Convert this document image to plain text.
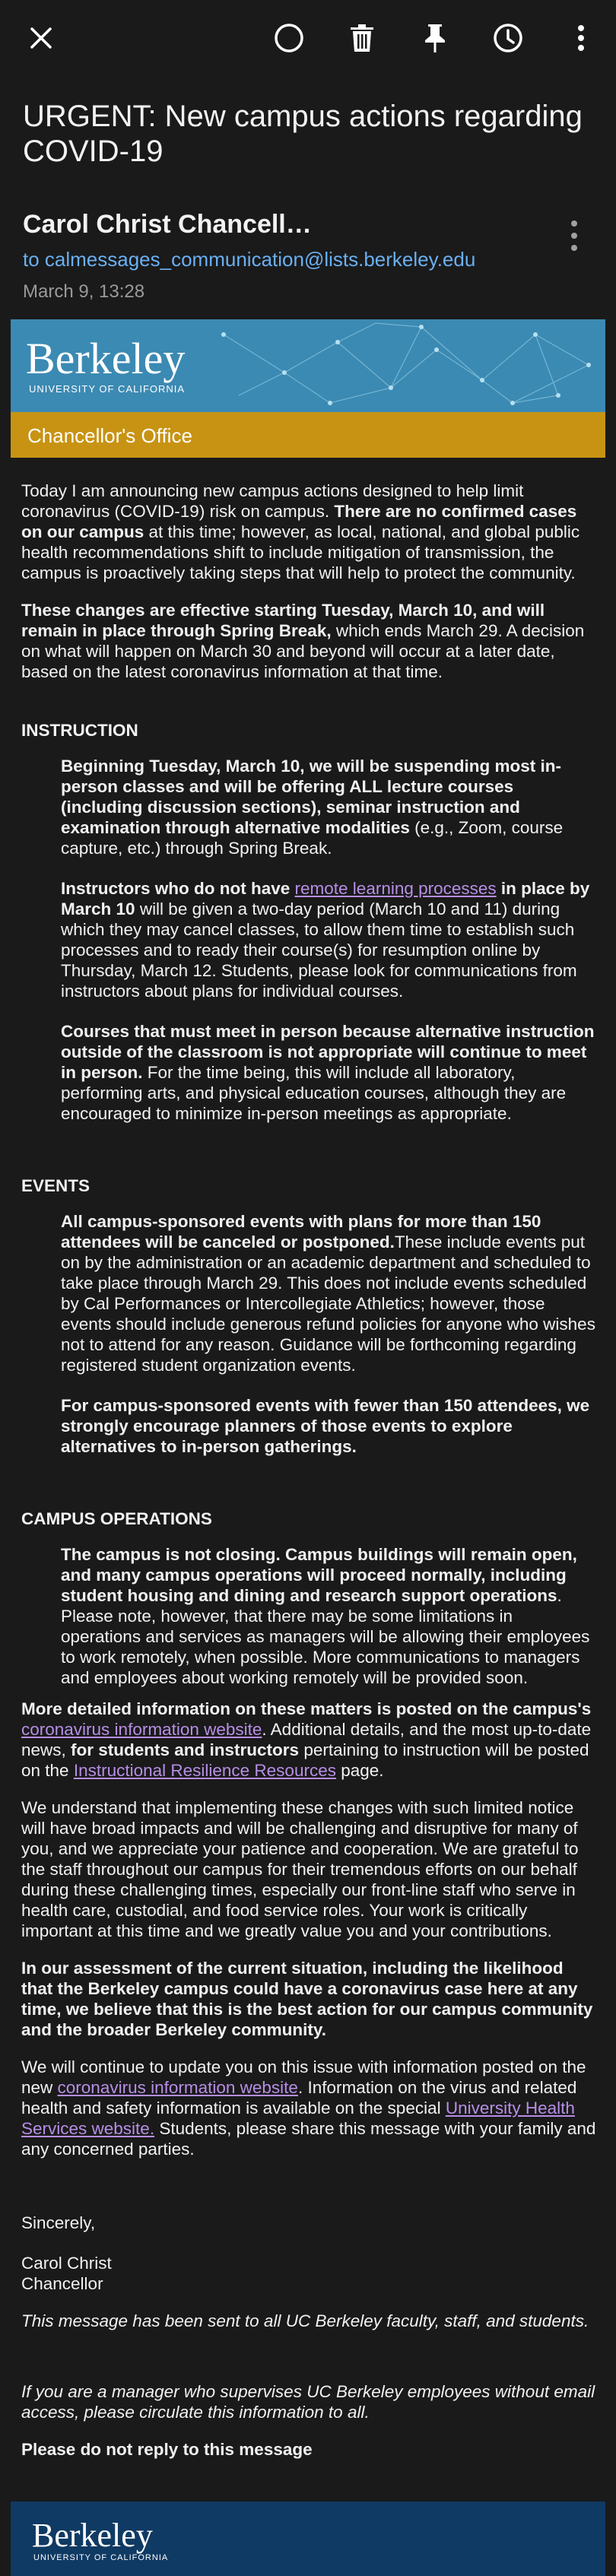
URGENT: New campus actions regarding COVID-19
Carol Christ Chancell…
to calmessages_communication@lists.berkeley.edu
March 9, 13:28
Berkeley
UNIVERSITY OF CALIFORNIA
Chancellor's Office

Today I am announcing new campus actions designed to help limit coronavirus (COVID-19) risk on campus. There are no confirmed cases on our campus at this time; however, as local, national, and global public health recommendations shift to include mitigation of transmission, the campus is proactively taking steps that will help to protect the community.

These changes are effective starting Tuesday, March 10, and will remain in place through Spring Break, which ends March 29. A decision on what will happen on March 30 and beyond will occur at a later date, based on the latest coronavirus information at that time.

INSTRUCTION

Beginning Tuesday, March 10, we will be suspending most in-person classes and will be offering ALL lecture courses (including discussion sections), seminar instruction and examination through alternative modalities (e.g., Zoom, course capture, etc.) through Spring Break.

Instructors who do not have remote learning processes in place by March 10 will be given a two-day period (March 10 and 11) during which they may cancel classes, to allow them time to establish such processes and to ready their course(s) for resumption online by Thursday, March 12. Students, please look for communications from instructors about plans for individual courses.

Courses that must meet in person because alternative instruction outside of the classroom is not appropriate will continue to meet in person. For the time being, this will include all laboratory, performing arts, and physical education courses, although they are encouraged to minimize in-person meetings as appropriate.

EVENTS

All campus-sponsored events with plans for more than 150 attendees will be canceled or postponed.These include events put on by the administration or an academic department and scheduled to take place through March 29. This does not include events scheduled by Cal Performances or Intercollegiate Athletics; however, those events should include generous refund policies for anyone who wishes not to attend for any reason. Guidance will be forthcoming regarding registered student organization events.

For campus-sponsored events with fewer than 150 attendees, we strongly encourage planners of those events to explore alternatives to in-person gatherings.

CAMPUS OPERATIONS

The campus is not closing. Campus buildings will remain open, and many campus operations will proceed normally, including student housing and dining and research support operations. Please note, however, that there may be some limitations in operations and services as managers will be allowing their employees to work remotely, when possible. More communications to managers and employees about working remotely will be provided soon.

More detailed information on these matters is posted on the campus's coronavirus information website. Additional details, and the most up-to-date news, for students and instructors pertaining to instruction will be posted on the Instructional Resilience Resources page.

We understand that implementing these changes with such limited notice will have broad impacts and will be challenging and disruptive for many of you, and we appreciate your patience and cooperation. We are grateful to the staff throughout our campus for their tremendous efforts on our behalf during these challenging times, especially our front-line staff who serve in health care, custodial, and food service roles. Your work is critically important at this time and we greatly value you and your contributions.

In our assessment of the current situation, including the likelihood that the Berkeley campus could have a coronavirus case here at any time, we believe that this is the best action for our campus community and the broader Berkeley community.

We will continue to update you on this issue with information posted on the new coronavirus information website. Information on the virus and related health and safety information is available on the special University Health Services website. Students, please share this message with your family and any concerned parties.

Sincerely,

Carol Christ

Chancellor

This message has been sent to all UC Berkeley faculty, staff, and students.

If you are a manager who supervises UC Berkeley employees without email access, please circulate this information to all.

Please do not reply to this message

Berkeley
UNIVERSITY OF CALIFORNIA
